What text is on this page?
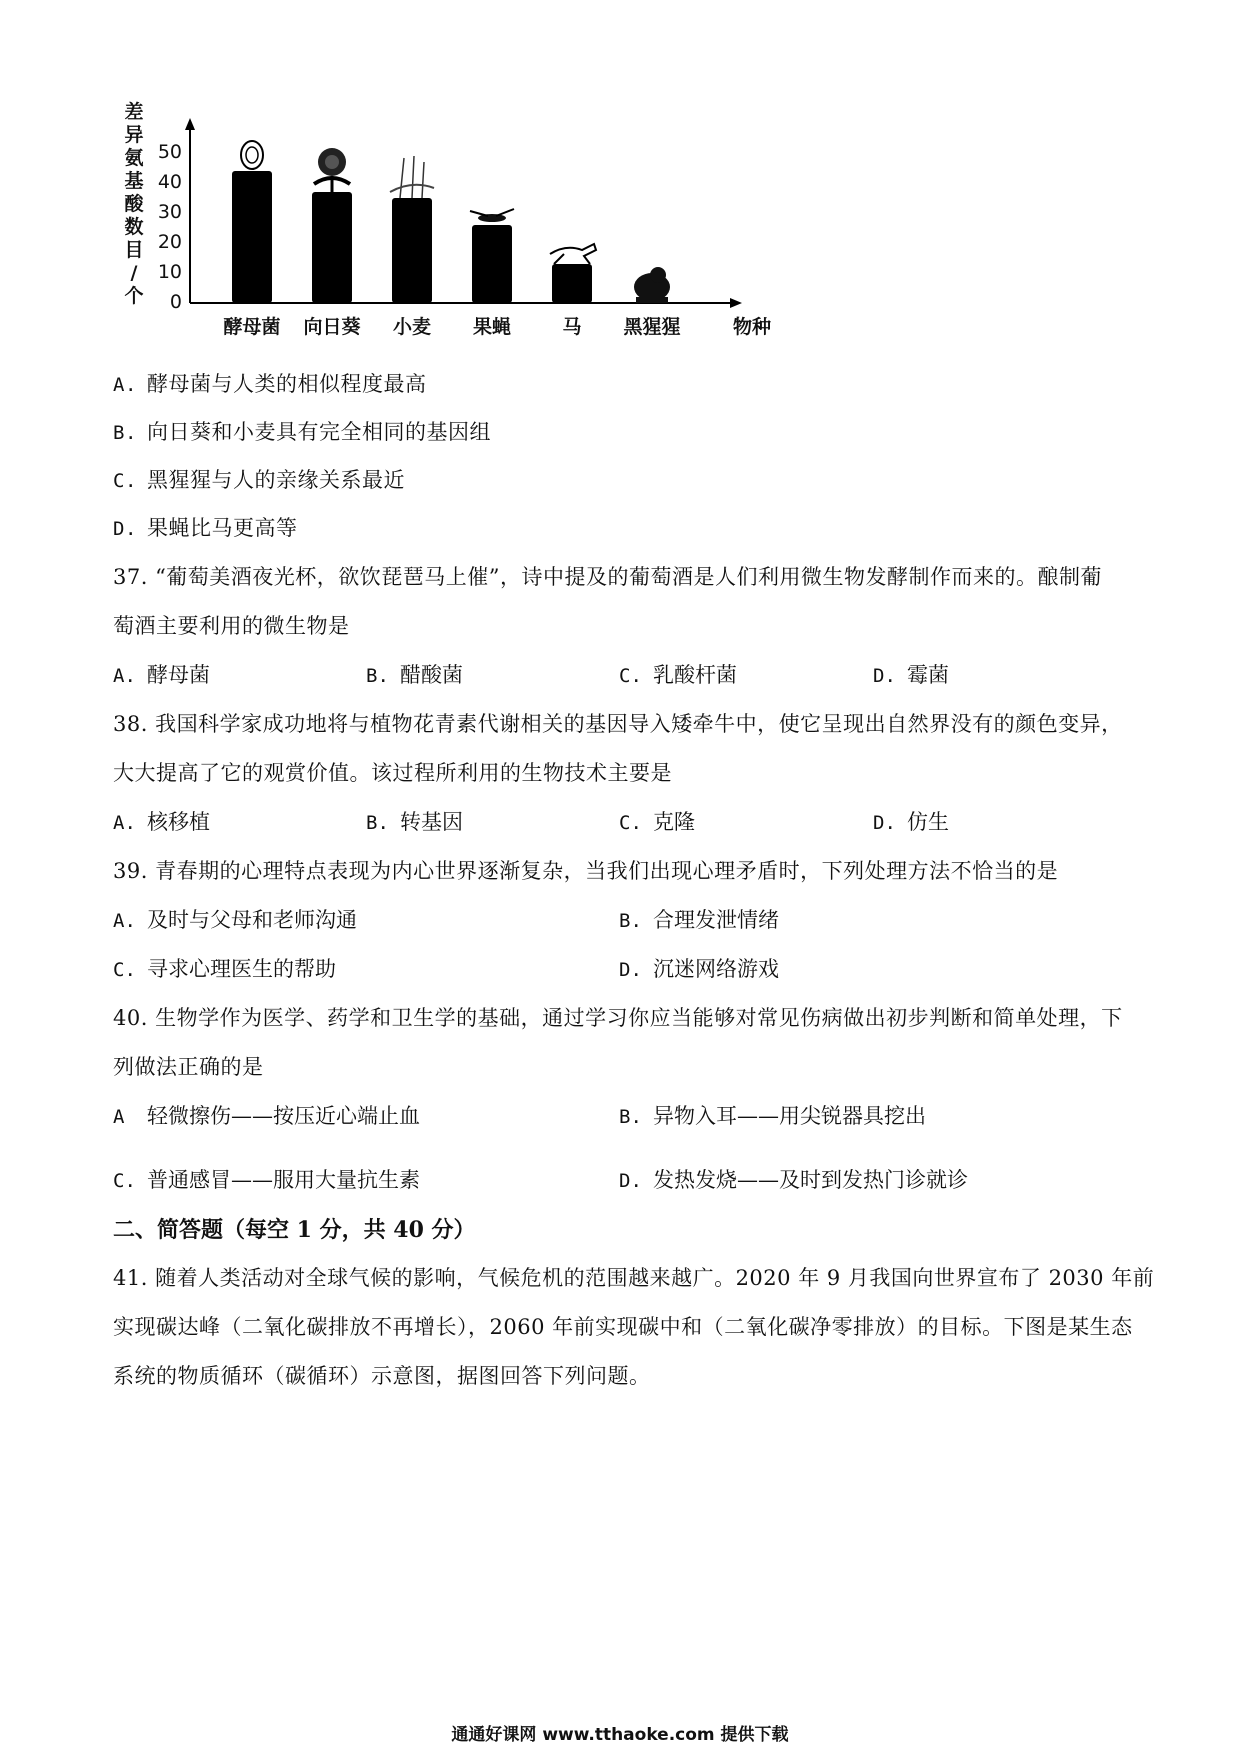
差
异
氨
基
酸
数
目
/
个
50
40
30
20
10
0
酵母菌	向日葵	小麦	果蝇	马	黑猩猩	物种
A. 酵母菌与人类的相似程度最高
B. 向日葵和小麦具有完全相同的基因组
C. 黑猩猩与人的亲缘关系最近
D. 果蝇比马更高等
37. “葡萄美酒夜光杯，欲饮琵琶马上催”，诗中提及的葡萄酒是人们利用微生物发酵制作而来的。酿制葡
萄酒主要利用的微生物是
A. 酵母菌	B. 醋酸菌	C. 乳酸杆菌	D. 霉菌
38. 我国科学家成功地将与植物花青素代谢相关的基因导入矮牵牛中，使它呈现出自然界没有的颜色变异，
大大提高了它的观赏价值。该过程所利用的生物技术主要是
A. 核移植	B. 转基因	C. 克隆	D. 仿生
39. 青春期的心理特点表现为内心世界逐渐复杂，当我们出现心理矛盾时，下列处理方法不恰当的是
A. 及时与父母和老师沟通	B. 合理发泄情绪
C. 寻求心理医生的帮助	D. 沉迷网络游戏
40. 生物学作为医学、药学和卫生学的基础，通过学习你应当能够对常见伤病做出初步判断和简单处理，下
列做法正确的是
A 轻微擦伤——按压近心端止血	B. 异物入耳——用尖锐器具挖出
C. 普通感冒——服用大量抗生素	D. 发热发烧——及时到发热门诊就诊
二、简答题（每空 1 分，共 40 分）
41. 随着人类活动对全球气候的影响，气候危机的范围越来越广。2020 年 9 月我国向世界宣布了 2030 年前
实现碳达峰（二氧化碳排放不再增长），2060 年前实现碳中和（二氧化碳净零排放）的目标。下图是某生态
系统的物质循环（碳循环）示意图，据图回答下列问题。
通通好课网 www.tthaoke.com 提供下载
